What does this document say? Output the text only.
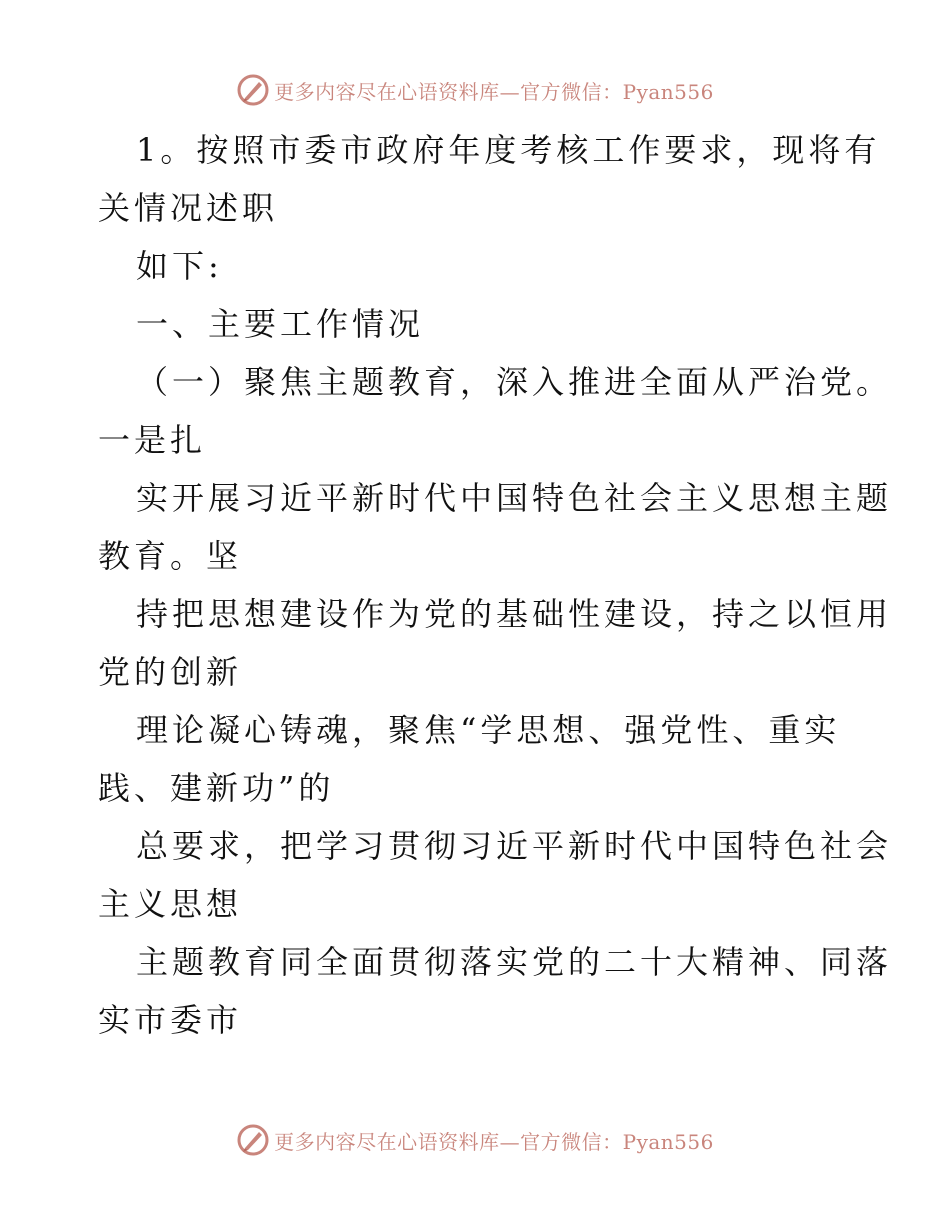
更多内容尽在心语资料库—官方微信：Pyan556
1。按照市委市政府年度考核工作要求，现将有
关情况述职
如下:
一、主要工作情况
（一）聚焦主题教育，深入推进全面从严治党。
一是扎
实开展习近平新时代中国特色社会主义思想主题
教育。坚
持把思想建设作为党的基础性建设，持之以恒用
党的创新
理论凝心铸魂，聚焦“学思想、强党性、重实
践、建新功”的
总要求，把学习贯彻习近平新时代中国特色社会
主义思想
主题教育同全面贯彻落实党的二十大精神、同落
实市委市
更多内容尽在心语资料库—官方微信：Pyan556
